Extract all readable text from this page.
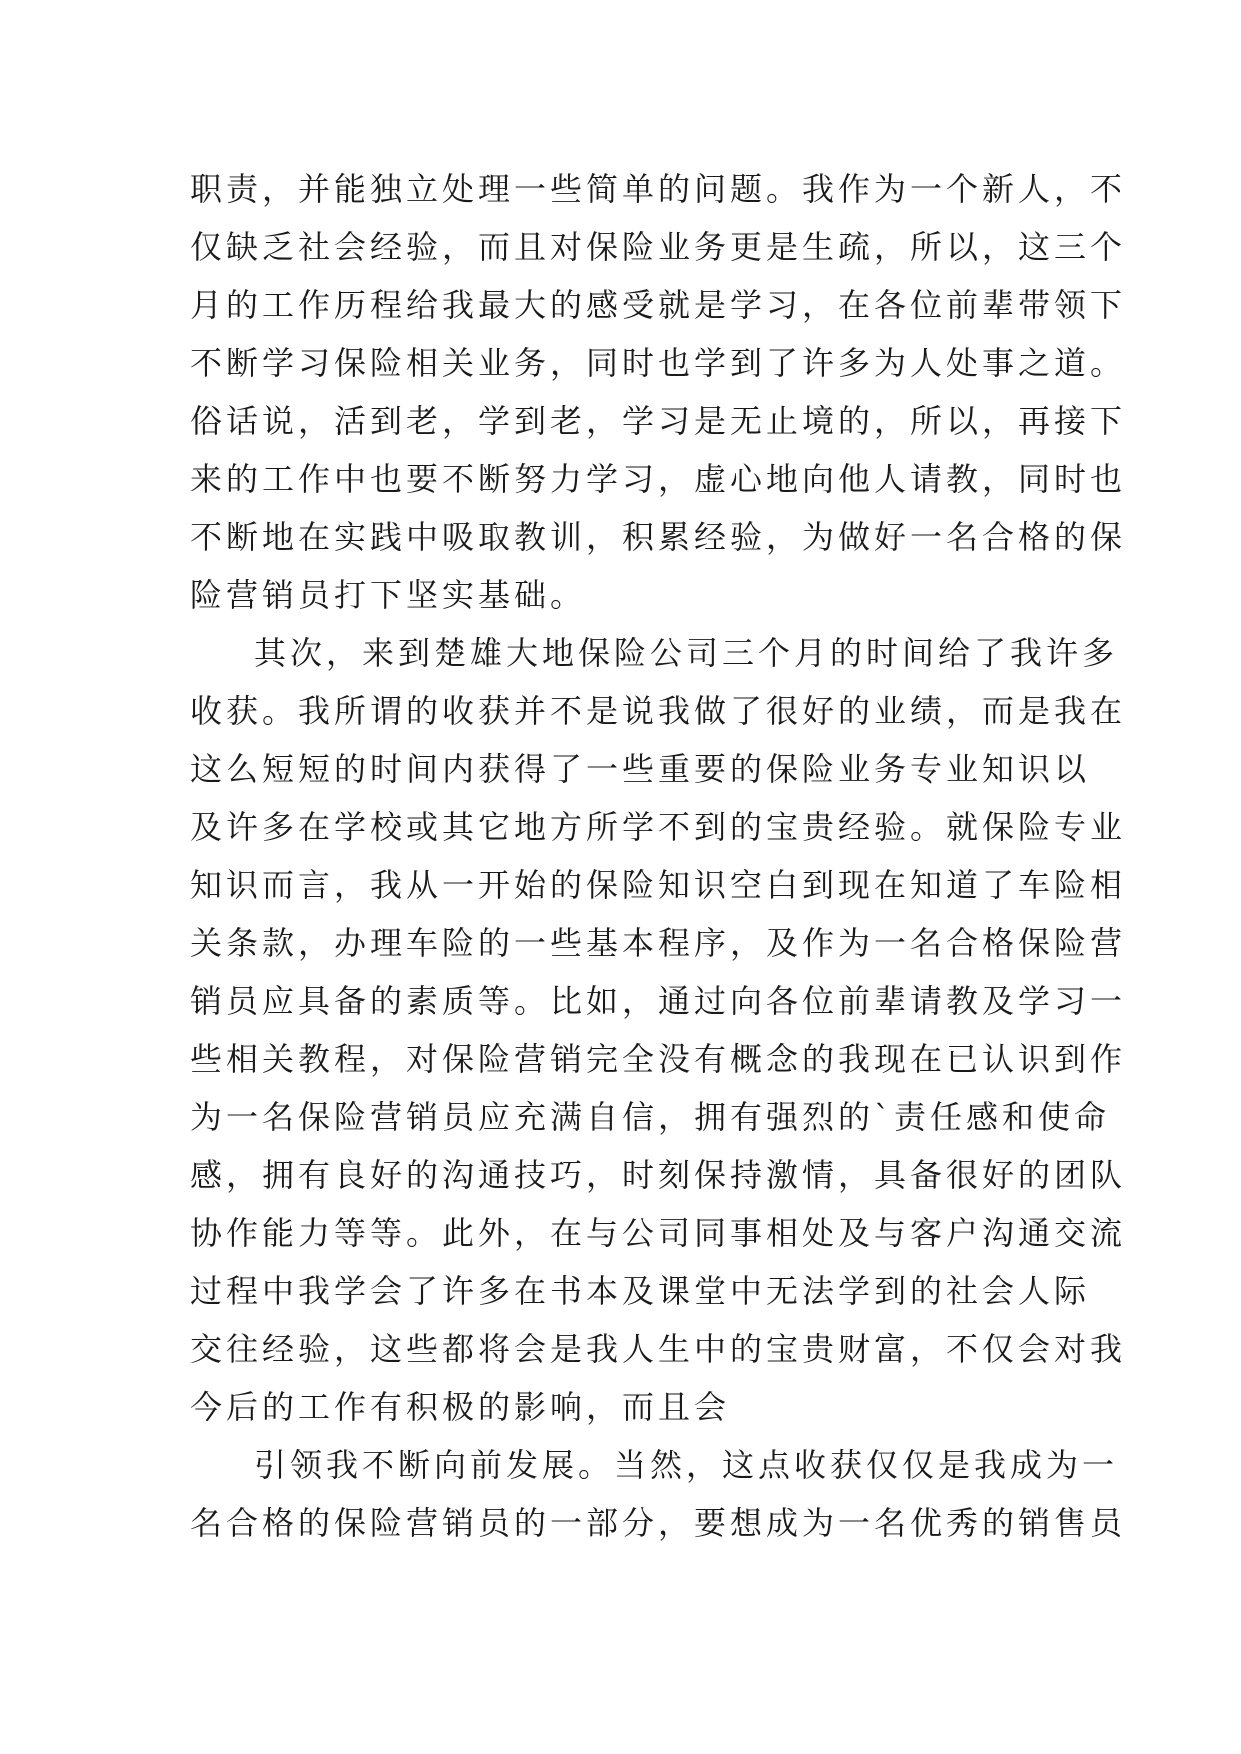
职责，并能独立处理一些简单的问题。我作为一个新人，不
仅缺乏社会经验，而且对保险业务更是生疏，所以，这三个
月的工作历程给我最大的感受就是学习，在各位前辈带领下
不断学习保险相关业务，同时也学到了许多为人处事之道。
俗话说，活到老，学到老，学习是无止境的，所以，再接下
来的工作中也要不断努力学习，虚心地向他人请教，同时也
不断地在实践中吸取教训，积累经验，为做好一名合格的保
险营销员打下坚实基础。
其次，来到楚雄大地保险公司三个月的时间给了我许多
收获。我所谓的收获并不是说我做了很好的业绩，而是我在
这么短短的时间内获得了一些重要的保险业务专业知识以
及许多在学校或其它地方所学不到的宝贵经验。就保险专业
知识而言，我从一开始的保险知识空白到现在知道了车险相
关条款，办理车险的一些基本程序，及作为一名合格保险营
销员应具备的素质等。比如，通过向各位前辈请教及学习一
些相关教程，对保险营销完全没有概念的我现在已认识到作
为一名保险营销员应充满自信，拥有强烈的`责任感和使命
感，拥有良好的沟通技巧，时刻保持激情，具备很好的团队
协作能力等等。此外，在与公司同事相处及与客户沟通交流
过程中我学会了许多在书本及课堂中无法学到的社会人际
交往经验，这些都将会是我人生中的宝贵财富，不仅会对我
今后的工作有积极的影响，而且会
引领我不断向前发展。当然，这点收获仅仅是我成为一
名合格的保险营销员的一部分，要想成为一名优秀的销售员
